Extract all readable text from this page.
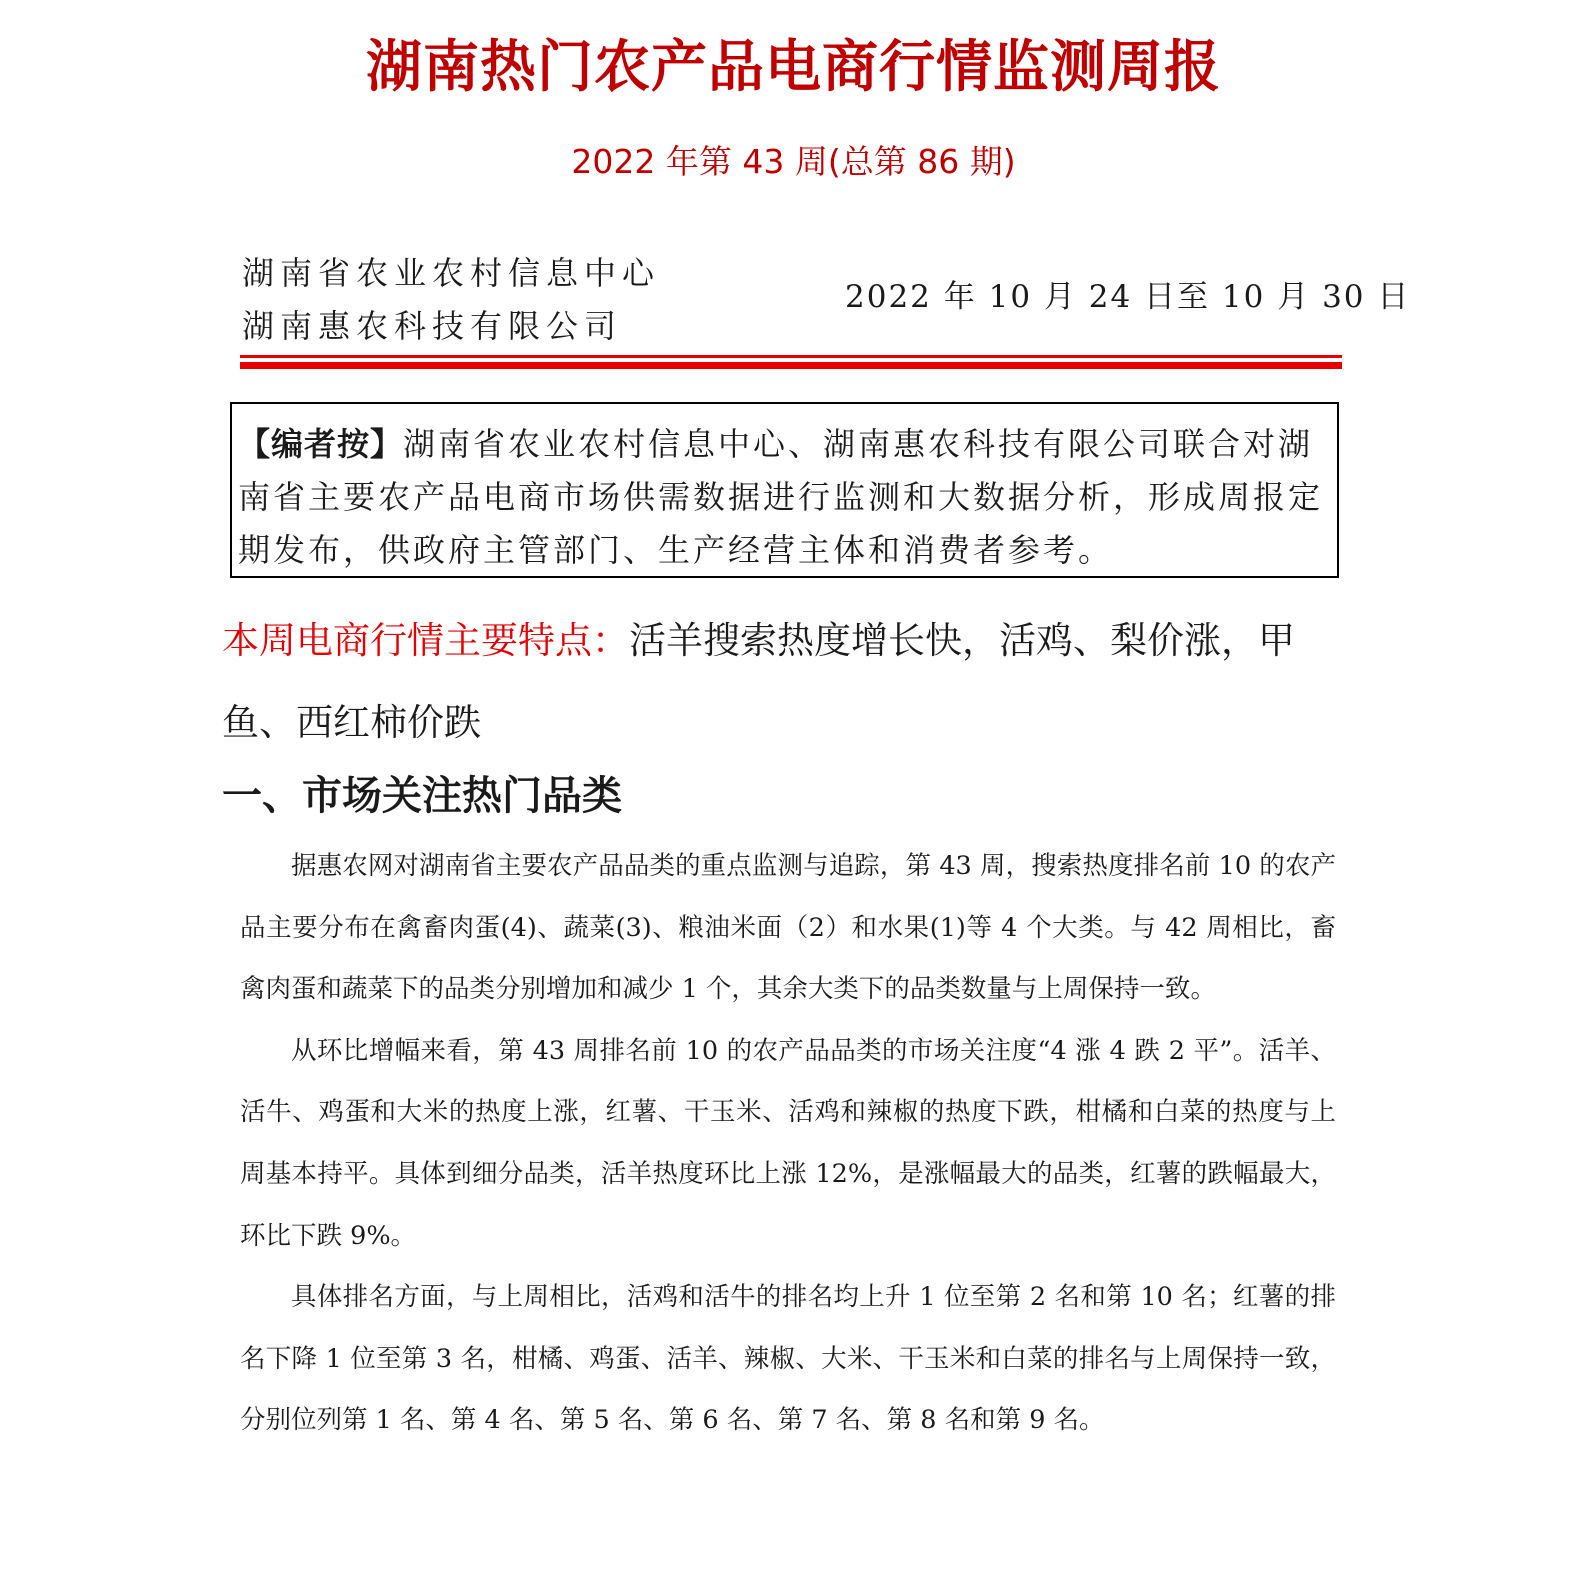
湖南热门农产品电商行情监测周报
2022 年第 43 周(总第 86 期)
湖南省农业农村信息中心
湖南惠农科技有限公司
2022 年 10 月 24 日至 10 月 30 日

【编者按】湖南省农业农村信息中心、湖南惠农科技有限公司联合对湖南省主要农产品电商市场供需数据进行监测和大数据分析，形成周报定期发布，供政府主管部门、生产经营主体和消费者参考。

本周电商行情主要特点：活羊搜索热度增长快，活鸡、梨价涨，甲鱼、西红柿价跌

一、市场关注热门品类

据惠农网对湖南省主要农产品品类的重点监测与追踪，第 43 周，搜索热度排名前 10 的农产品主要分布在禽畜肉蛋(4)、蔬菜(3)、粮油米面（2）和水果(1)等 4 个大类。与 42 周相比，畜禽肉蛋和蔬菜下的品类分别增加和减少 1 个，其余大类下的品类数量与上周保持一致。

从环比增幅来看，第 43 周排名前 10 的农产品品类的市场关注度“4 涨 4 跌 2 平”。活羊、活牛、鸡蛋和大米的热度上涨，红薯、干玉米、活鸡和辣椒的热度下跌，柑橘和白菜的热度与上周基本持平。具体到细分品类，活羊热度环比上涨 12%，是涨幅最大的品类，红薯的跌幅最大，环比下跌 9%。

具体排名方面，与上周相比，活鸡和活牛的排名均上升 1 位至第 2 名和第 10 名；红薯的排名下降 1 位至第 3 名，柑橘、鸡蛋、活羊、辣椒、大米、干玉米和白菜的排名与上周保持一致，分别位列第 1 名、第 4 名、第 5 名、第 6 名、第 7 名、第 8 名和第 9 名。
